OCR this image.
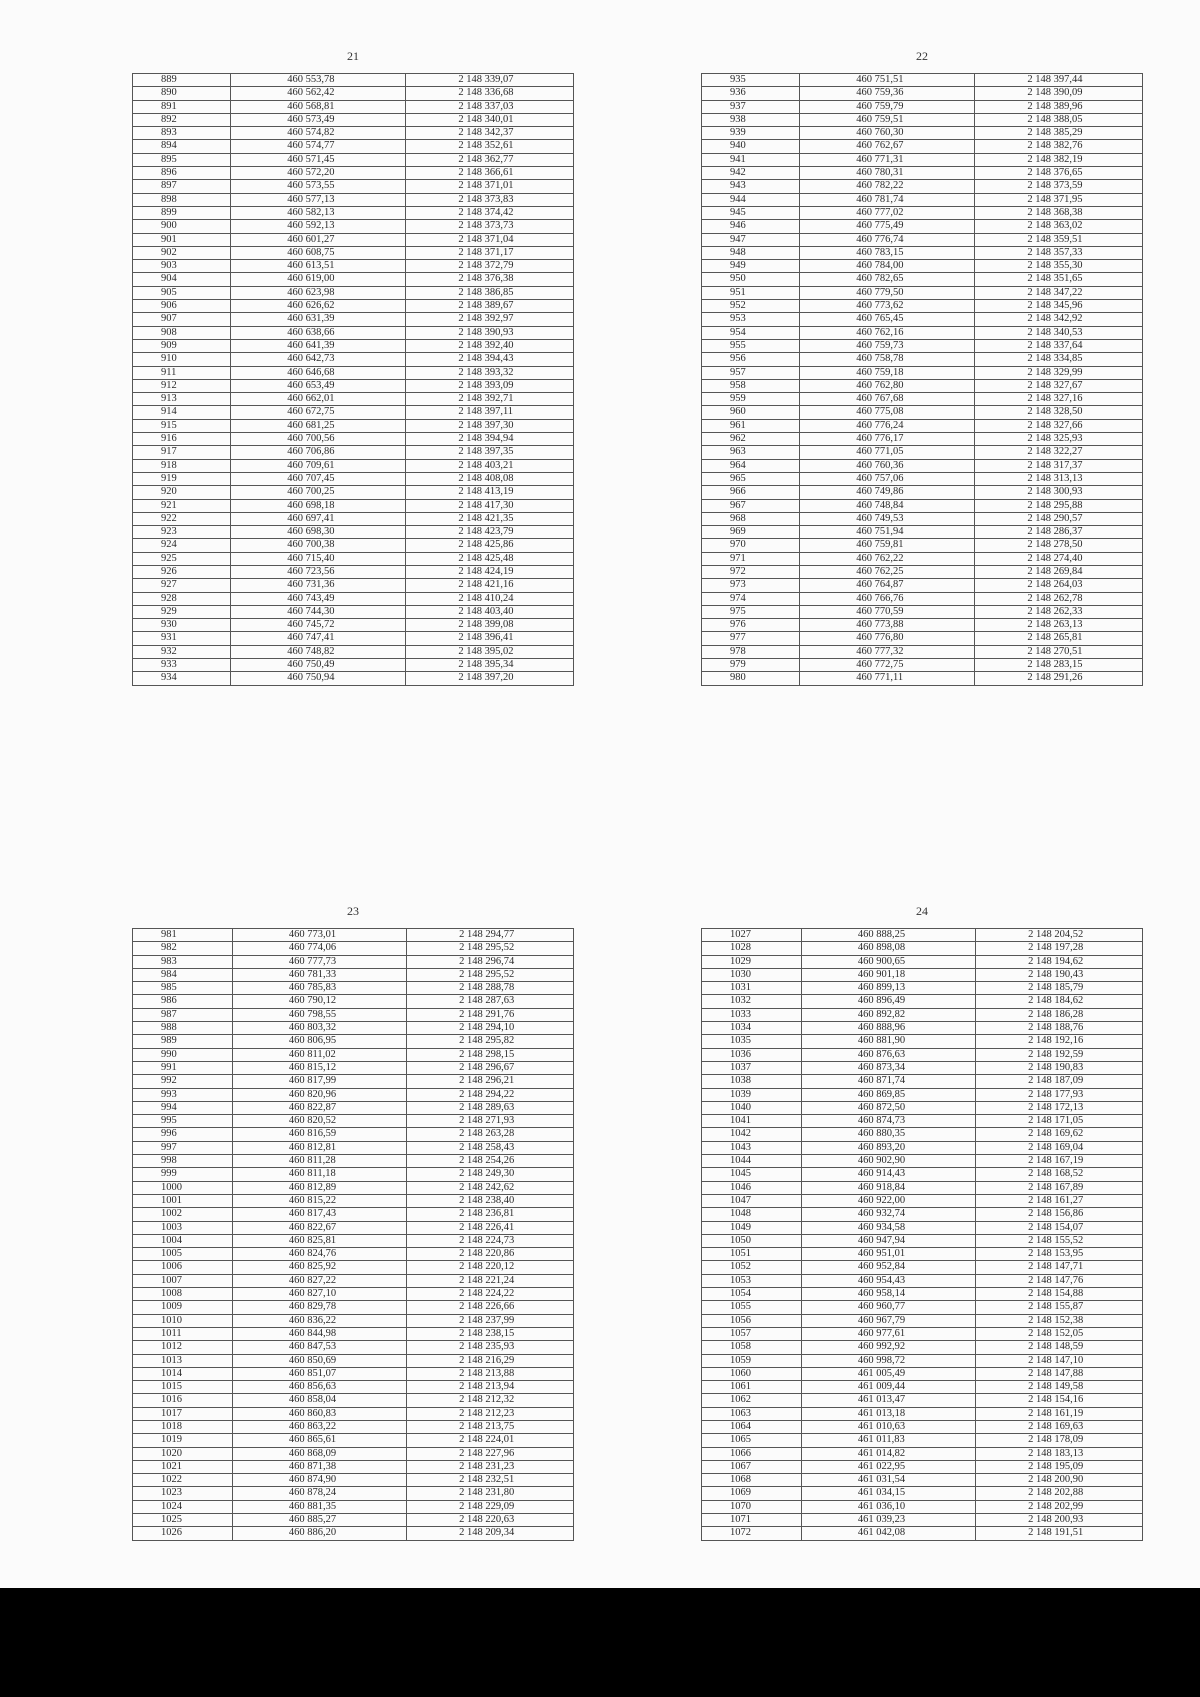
21
889	460 553,78	2 148 339,07
890	460 562,42	2 148 336,68
891	460 568,81	2 148 337,03
892	460 573,49	2 148 340,01
893	460 574,82	2 148 342,37
894	460 574,77	2 148 352,61
895	460 571,45	2 148 362,77
896	460 572,20	2 148 366,61
897	460 573,55	2 148 371,01
898	460 577,13	2 148 373,83
899	460 582,13	2 148 374,42
900	460 592,13	2 148 373,73
901	460 601,27	2 148 371,04
902	460 608,75	2 148 371,17
903	460 613,51	2 148 372,79
904	460 619,00	2 148 376,38
905	460 623,98	2 148 386,85
906	460 626,62	2 148 389,67
907	460 631,39	2 148 392,97
908	460 638,66	2 148 390,93
909	460 641,39	2 148 392,40
910	460 642,73	2 148 394,43
911	460 646,68	2 148 393,32
912	460 653,49	2 148 393,09
913	460 662,01	2 148 392,71
914	460 672,75	2 148 397,11
915	460 681,25	2 148 397,30
916	460 700,56	2 148 394,94
917	460 706,86	2 148 397,35
918	460 709,61	2 148 403,21
919	460 707,45	2 148 408,08
920	460 700,25	2 148 413,19
921	460 698,18	2 148 417,30
922	460 697,41	2 148 421,35
923	460 698,30	2 148 423,79
924	460 700,38	2 148 425,86
925	460 715,40	2 148 425,48
926	460 723,56	2 148 424,19
927	460 731,36	2 148 421,16
928	460 743,49	2 148 410,24
929	460 744,30	2 148 403,40
930	460 745,72	2 148 399,08
931	460 747,41	2 148 396,41
932	460 748,82	2 148 395,02
933	460 750,49	2 148 395,34
934	460 750,94	2 148 397,20
22
935	460 751,51	2 148 397,44
936	460 759,36	2 148 390,09
937	460 759,79	2 148 389,96
938	460 759,51	2 148 388,05
939	460 760,30	2 148 385,29
940	460 762,67	2 148 382,76
941	460 771,31	2 148 382,19
942	460 780,31	2 148 376,65
943	460 782,22	2 148 373,59
944	460 781,74	2 148 371,95
945	460 777,02	2 148 368,38
946	460 775,49	2 148 363,02
947	460 776,74	2 148 359,51
948	460 783,15	2 148 357,33
949	460 784,00	2 148 355,30
950	460 782,65	2 148 351,65
951	460 779,50	2 148 347,22
952	460 773,62	2 148 345,96
953	460 765,45	2 148 342,92
954	460 762,16	2 148 340,53
955	460 759,73	2 148 337,64
956	460 758,78	2 148 334,85
957	460 759,18	2 148 329,99
958	460 762,80	2 148 327,67
959	460 767,68	2 148 327,16
960	460 775,08	2 148 328,50
961	460 776,24	2 148 327,66
962	460 776,17	2 148 325,93
963	460 771,05	2 148 322,27
964	460 760,36	2 148 317,37
965	460 757,06	2 148 313,13
966	460 749,86	2 148 300,93
967	460 748,84	2 148 295,88
968	460 749,53	2 148 290,57
969	460 751,94	2 148 286,37
970	460 759,81	2 148 278,50
971	460 762,22	2 148 274,40
972	460 762,25	2 148 269,84
973	460 764,87	2 148 264,03
974	460 766,76	2 148 262,78
975	460 770,59	2 148 262,33
976	460 773,88	2 148 263,13
977	460 776,80	2 148 265,81
978	460 777,32	2 148 270,51
979	460 772,75	2 148 283,15
980	460 771,11	2 148 291,26
23
981	460 773,01	2 148 294,77
982	460 774,06	2 148 295,52
983	460 777,73	2 148 296,74
984	460 781,33	2 148 295,52
985	460 785,83	2 148 288,78
986	460 790,12	2 148 287,63
987	460 798,55	2 148 291,76
988	460 803,32	2 148 294,10
989	460 806,95	2 148 295,82
990	460 811,02	2 148 298,15
991	460 815,12	2 148 296,67
992	460 817,99	2 148 296,21
993	460 820,96	2 148 294,22
994	460 822,87	2 148 289,63
995	460 820,52	2 148 271,93
996	460 816,59	2 148 263,28
997	460 812,81	2 148 258,43
998	460 811,28	2 148 254,26
999	460 811,18	2 148 249,30
1000	460 812,89	2 148 242,62
1001	460 815,22	2 148 238,40
1002	460 817,43	2 148 236,81
1003	460 822,67	2 148 226,41
1004	460 825,81	2 148 224,73
1005	460 824,76	2 148 220,86
1006	460 825,92	2 148 220,12
1007	460 827,22	2 148 221,24
1008	460 827,10	2 148 224,22
1009	460 829,78	2 148 226,66
1010	460 836,22	2 148 237,99
1011	460 844,98	2 148 238,15
1012	460 847,53	2 148 235,93
1013	460 850,69	2 148 216,29
1014	460 851,07	2 148 213,88
1015	460 856,63	2 148 213,94
1016	460 858,04	2 148 212,32
1017	460 860,83	2 148 212,23
1018	460 863,22	2 148 213,75
1019	460 865,61	2 148 224,01
1020	460 868,09	2 148 227,96
1021	460 871,38	2 148 231,23
1022	460 874,90	2 148 232,51
1023	460 878,24	2 148 231,80
1024	460 881,35	2 148 229,09
1025	460 885,27	2 148 220,63
1026	460 886,20	2 148 209,34
24
1027	460 888,25	2 148 204,52
1028	460 898,08	2 148 197,28
1029	460 900,65	2 148 194,62
1030	460 901,18	2 148 190,43
1031	460 899,13	2 148 185,79
1032	460 896,49	2 148 184,62
1033	460 892,82	2 148 186,28
1034	460 888,96	2 148 188,76
1035	460 881,90	2 148 192,16
1036	460 876,63	2 148 192,59
1037	460 873,34	2 148 190,83
1038	460 871,74	2 148 187,09
1039	460 869,85	2 148 177,93
1040	460 872,50	2 148 172,13
1041	460 874,73	2 148 171,05
1042	460 880,35	2 148 169,62
1043	460 893,20	2 148 169,04
1044	460 902,90	2 148 167,19
1045	460 914,43	2 148 168,52
1046	460 918,84	2 148 167,89
1047	460 922,00	2 148 161,27
1048	460 932,74	2 148 156,86
1049	460 934,58	2 148 154,07
1050	460 947,94	2 148 155,52
1051	460 951,01	2 148 153,95
1052	460 952,84	2 148 147,71
1053	460 954,43	2 148 147,76
1054	460 958,14	2 148 154,88
1055	460 960,77	2 148 155,87
1056	460 967,79	2 148 152,38
1057	460 977,61	2 148 152,05
1058	460 992,92	2 148 148,59
1059	460 998,72	2 148 147,10
1060	461 005,49	2 148 147,88
1061	461 009,44	2 148 149,58
1062	461 013,47	2 148 154,16
1063	461 013,18	2 148 161,19
1064	461 010,63	2 148 169,63
1065	461 011,83	2 148 178,09
1066	461 014,82	2 148 183,13
1067	461 022,95	2 148 195,09
1068	461 031,54	2 148 200,90
1069	461 034,15	2 148 202,88
1070	461 036,10	2 148 202,99
1071	461 039,23	2 148 200,93
1072	461 042,08	2 148 191,51
